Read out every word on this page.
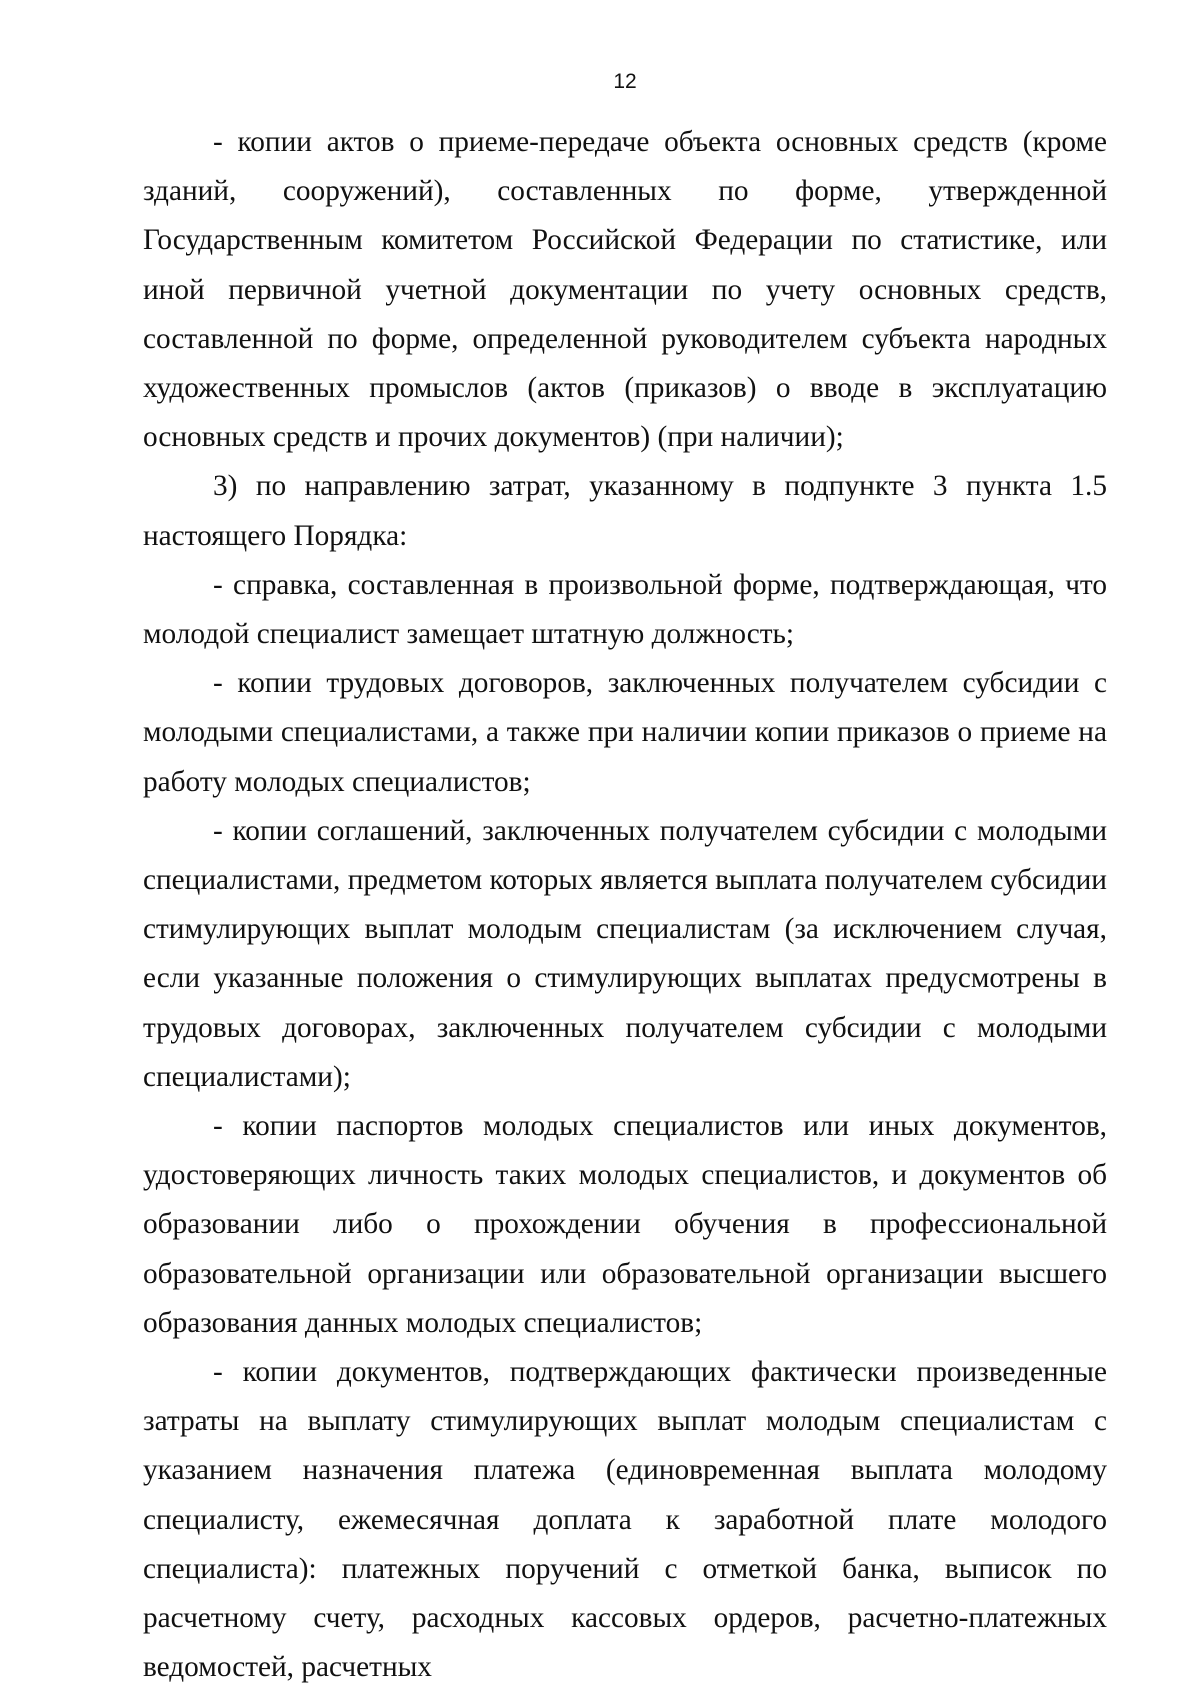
12

- копии актов о приеме-передаче объекта основных средств (кроме зданий, сооружений), составленных по форме, утвержденной Государственным комитетом Российской Федерации по статистике, или иной первичной учетной документации по учету основных средств, составленной по форме, определенной руководителем субъекта народных художественных промыслов (актов (приказов) о вводе в эксплуатацию основных средств и прочих документов) (при наличии);

3) по направлению затрат, указанному в подпункте 3 пункта 1.5 настоящего Порядка:

- справка, составленная в произвольной форме, подтверждающая, что молодой специалист замещает штатную должность;

- копии трудовых договоров, заключенных получателем субсидии с молодыми специалистами, а также при наличии копии приказов о приеме на работу молодых специалистов;

- копии соглашений, заключенных получателем субсидии с молодыми специалистами, предметом которых является выплата получателем субсидии стимулирующих выплат молодым специалистам (за исключением случая, если указанные положения о стимулирующих выплатах предусмотрены в трудовых договорах, заключенных получателем субсидии с молодыми специалистами);

- копии паспортов молодых специалистов или иных документов, удостоверяющих личность таких молодых специалистов, и документов об образовании либо о прохождении обучения в профессиональной образовательной организации или образовательной организации высшего образования данных молодых специалистов;

- копии документов, подтверждающих фактически произведенные затраты на выплату стимулирующих выплат молодым специалистам с указанием назначения платежа (единовременная выплата молодому специалисту, ежемесячная доплата к заработной плате молодого специалиста): платежных поручений с отметкой банка, выписок по расчетному счету, расходных кассовых ордеров, расчетно-платежных ведомостей, расчетных
